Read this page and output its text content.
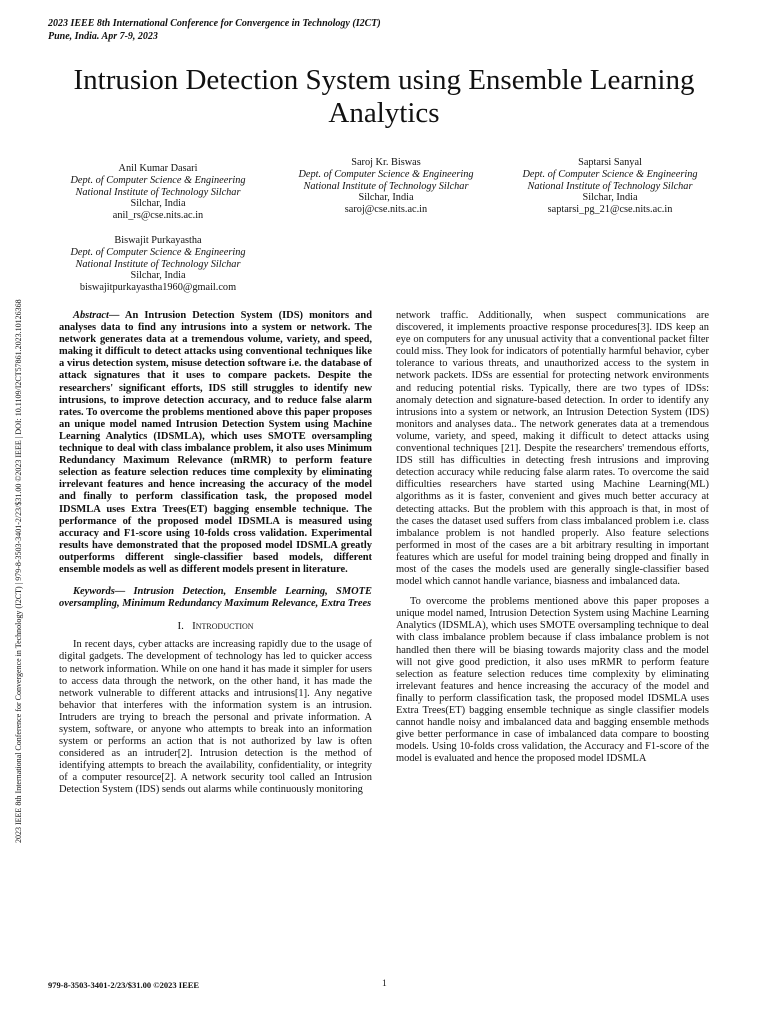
2023 IEEE 8th International Conference for Convergence in Technology (I2CT)
Pune, India. Apr 7-9, 2023
2023 IEEE 8th International Conference for Convergence in Technology (I2CT) | 979-8-3503-3401-2/23/$31.00 ©2023 IEEE | DOI: 10.1109/I2CT57861.2023.10126368
Intrusion Detection System using Ensemble Learning Analytics
Anil Kumar Dasari
Dept. of Computer Science & Engineering
National Institute of Technology Silchar
Silchar, India
anil_rs@cse.nits.ac.in
Biswajit Purkayastha
Dept. of Computer Science & Engineering
National Institute of Technology Silchar
Silchar, India
biswajitpurkayastha1960@gmail.com
Saroj Kr. Biswas
Dept. of Computer Science & Engineering
National Institute of Technology Silchar
Silchar, India
saroj@cse.nits.ac.in
Saptarsi Sanyal
Dept. of Computer Science & Engineering
National Institute of Technology Silchar
Silchar, India
saptarsi_pg_21@cse.nits.ac.in

Abstract— An Intrusion Detection System (IDS) monitors and analyses data to find any intrusions into a system or network. The network generates data at a tremendous volume, variety, and speed, making it difficult to detect attacks using conventional techniques like a virus detection system, misuse detection software i.e. the database of attack signatures that it uses to compare packets. Despite the researchers' significant efforts, IDS still struggles to identify new intrusions, to improve detection accuracy, and to reduce false alarm rates. To overcome the problems mentioned above this paper proposes an unique model named Intrusion Detection System using Machine Learning Analytics (IDSMLA), which uses SMOTE oversampling technique to deal with class imbalance problem, it also uses Minimum Redundancy Maximum Relevance (mRMR) to perform feature selection as feature selection reduces time complexity by eliminating irrelevant features and hence increasing the accuracy of the model and finally to perform classification task, the proposed model IDSMLA uses Extra Trees(ET) bagging ensemble technique. The performance of the proposed model IDSMLA is measured using accuracy and F1-score using 10-folds cross validation. Experimental results have demonstrated that the proposed model IDSMLA greatly outperforms different single-classifier based models, different ensemble models as well as different models present in literature.

Keywords— Intrusion Detection, Ensemble Learning, SMOTE oversampling, Minimum Redundancy Maximum Relevance, Extra Trees

I. Introduction

In recent days, cyber attacks are increasing rapidly due to the usage of digital gadgets. The development of technology has led to quicker access to network information. While on one hand it has made it simpler for users to access data through the network, on the other hand, it has made the network vulnerable to different attacks and intrusions[1]. Any negative behavior that interferes with the information system is an intrusion. Intruders are trying to breach the personal and private information. A system, software, or anyone who attempts to break into an information system or performs an action that is not authorized by law is often considered as an intruder[2]. Intrusion detection is the method of identifying attempts to breach the availability, confidentiality, or integrity of a computer resource[2]. A network security tool called an Intrusion Detection System (IDS) sends out alarms while continuously monitoring

network traffic. Additionally, when suspect communications are discovered, it implements proactive response procedures[3]. IDS keep an eye on computers for any unusual activity that a conventional packet filter could miss. They look for indicators of potentially harmful behavior, cyber tolerance to various threats, and unauthorized access to the system in network packets. IDSs are essential for protecting network environments and reducing potential risks. Typically, there are two types of IDSs: anomaly detection and signature-based detection. In order to identify any intrusions into a system or network, an Intrusion Detection System (IDS) monitors and analyses data.. The network generates data at a tremendous volume, variety, and speed, making it difficult to detect attacks using conventional techniques [21]. Despite the researchers' tremendous efforts, IDS still has difficulties in detecting fresh intrusions and improving detection accuracy while reducing false alarm rates. To overcome the said difficulties researchers have started using Machine Learning(ML) algorithms as it is faster, convenient and gives much better accuracy at detecting attacks. But the problem with this approach is that, in most of the cases the dataset used suffers from class imbalanced problem i.e. class imbalance problem is not handled properly. Also feature selections performed in most of the cases are a bit arbitrary resulting in important features which are useful for model training being dropped and finally in most of the cases the models used are generally single-classifier based model which cannot handle variance, biasness and imbalanced data.

To overcome the problems mentioned above this paper proposes a unique model named, Intrusion Detection System using Machine Learning Analytics (IDSMLA), which uses SMOTE oversampling technique to deal with class imbalance problem because if class imbalance problem is not handled then there will be biasing towards majority class and the model will not give good prediction, it also uses mRMR to perform feature selection as feature selection reduces time complexity by eliminating irrelevant features and hence increasing the accuracy of the model and finally to perform classification task, the proposed model IDSMLA uses Extra Trees(ET) bagging ensemble technique as single classifier models cannot handle noisy and imbalanced data and bagging ensemble methods give better performance in case of imbalanced data compare to boosting models. Using 10-folds cross validation, the Accuracy and F1-score of the model is evaluated and hence the proposed model IDSMLA

979-8-3503-3401-2/23/$31.00 ©2023 IEEE	1
